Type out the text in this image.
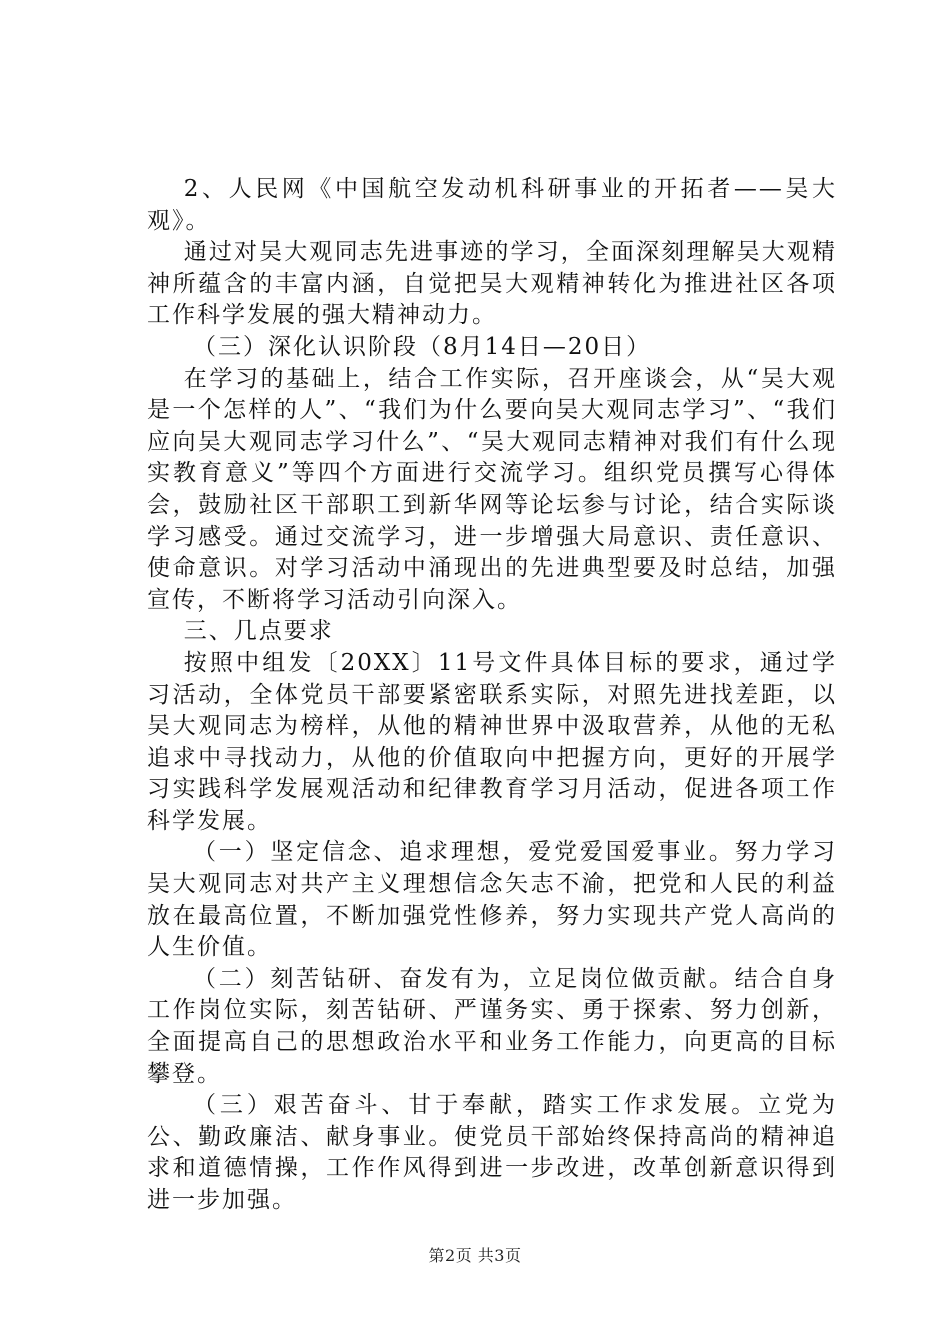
2、人民网《中国航空发动机科研事业的开拓者——吴大观》。

通过对吴大观同志先进事迹的学习，全面深刻理解吴大观精神所蕴含的丰富内涵，自觉把吴大观精神转化为推进社区各项工作科学发展的强大精神动力。

（三）深化认识阶段（8月14日—20日）

在学习的基础上，结合工作实际，召开座谈会，从“吴大观是一个怎样的人”、“我们为什么要向吴大观同志学习”、“我们应向吴大观同志学习什么”、“吴大观同志精神对我们有什么现实教育意义”等四个方面进行交流学习。组织党员撰写心得体会，鼓励社区干部职工到新华网等论坛参与讨论，结合实际谈学习感受。通过交流学习，进一步增强大局意识、责任意识、使命意识。对学习活动中涌现出的先进典型要及时总结，加强宣传，不断将学习活动引向深入。

三、几点要求

按照中组发〔20XX〕11号文件具体目标的要求，通过学习活动，全体党员干部要紧密联系实际，对照先进找差距，以吴大观同志为榜样，从他的精神世界中汲取营养，从他的无私追求中寻找动力，从他的价值取向中把握方向，更好的开展学习实践科学发展观活动和纪律教育学习月活动，促进各项工作科学发展。

（一）坚定信念、追求理想，爱党爱国爱事业。努力学习吴大观同志对共产主义理想信念矢志不渝，把党和人民的利益放在最高位置，不断加强党性修养，努力实现共产党人高尚的人生价值。

（二）刻苦钻研、奋发有为，立足岗位做贡献。结合自身工作岗位实际，刻苦钻研、严谨务实、勇于探索、努力创新，全面提高自己的思想政治水平和业务工作能力，向更高的目标攀登。

（三）艰苦奋斗、甘于奉献，踏实工作求发展。立党为公、勤政廉洁、献身事业。使党员干部始终保持高尚的精神追求和道德情操，工作作风得到进一步改进，改革创新意识得到进一步加强。

第2页 共3页
